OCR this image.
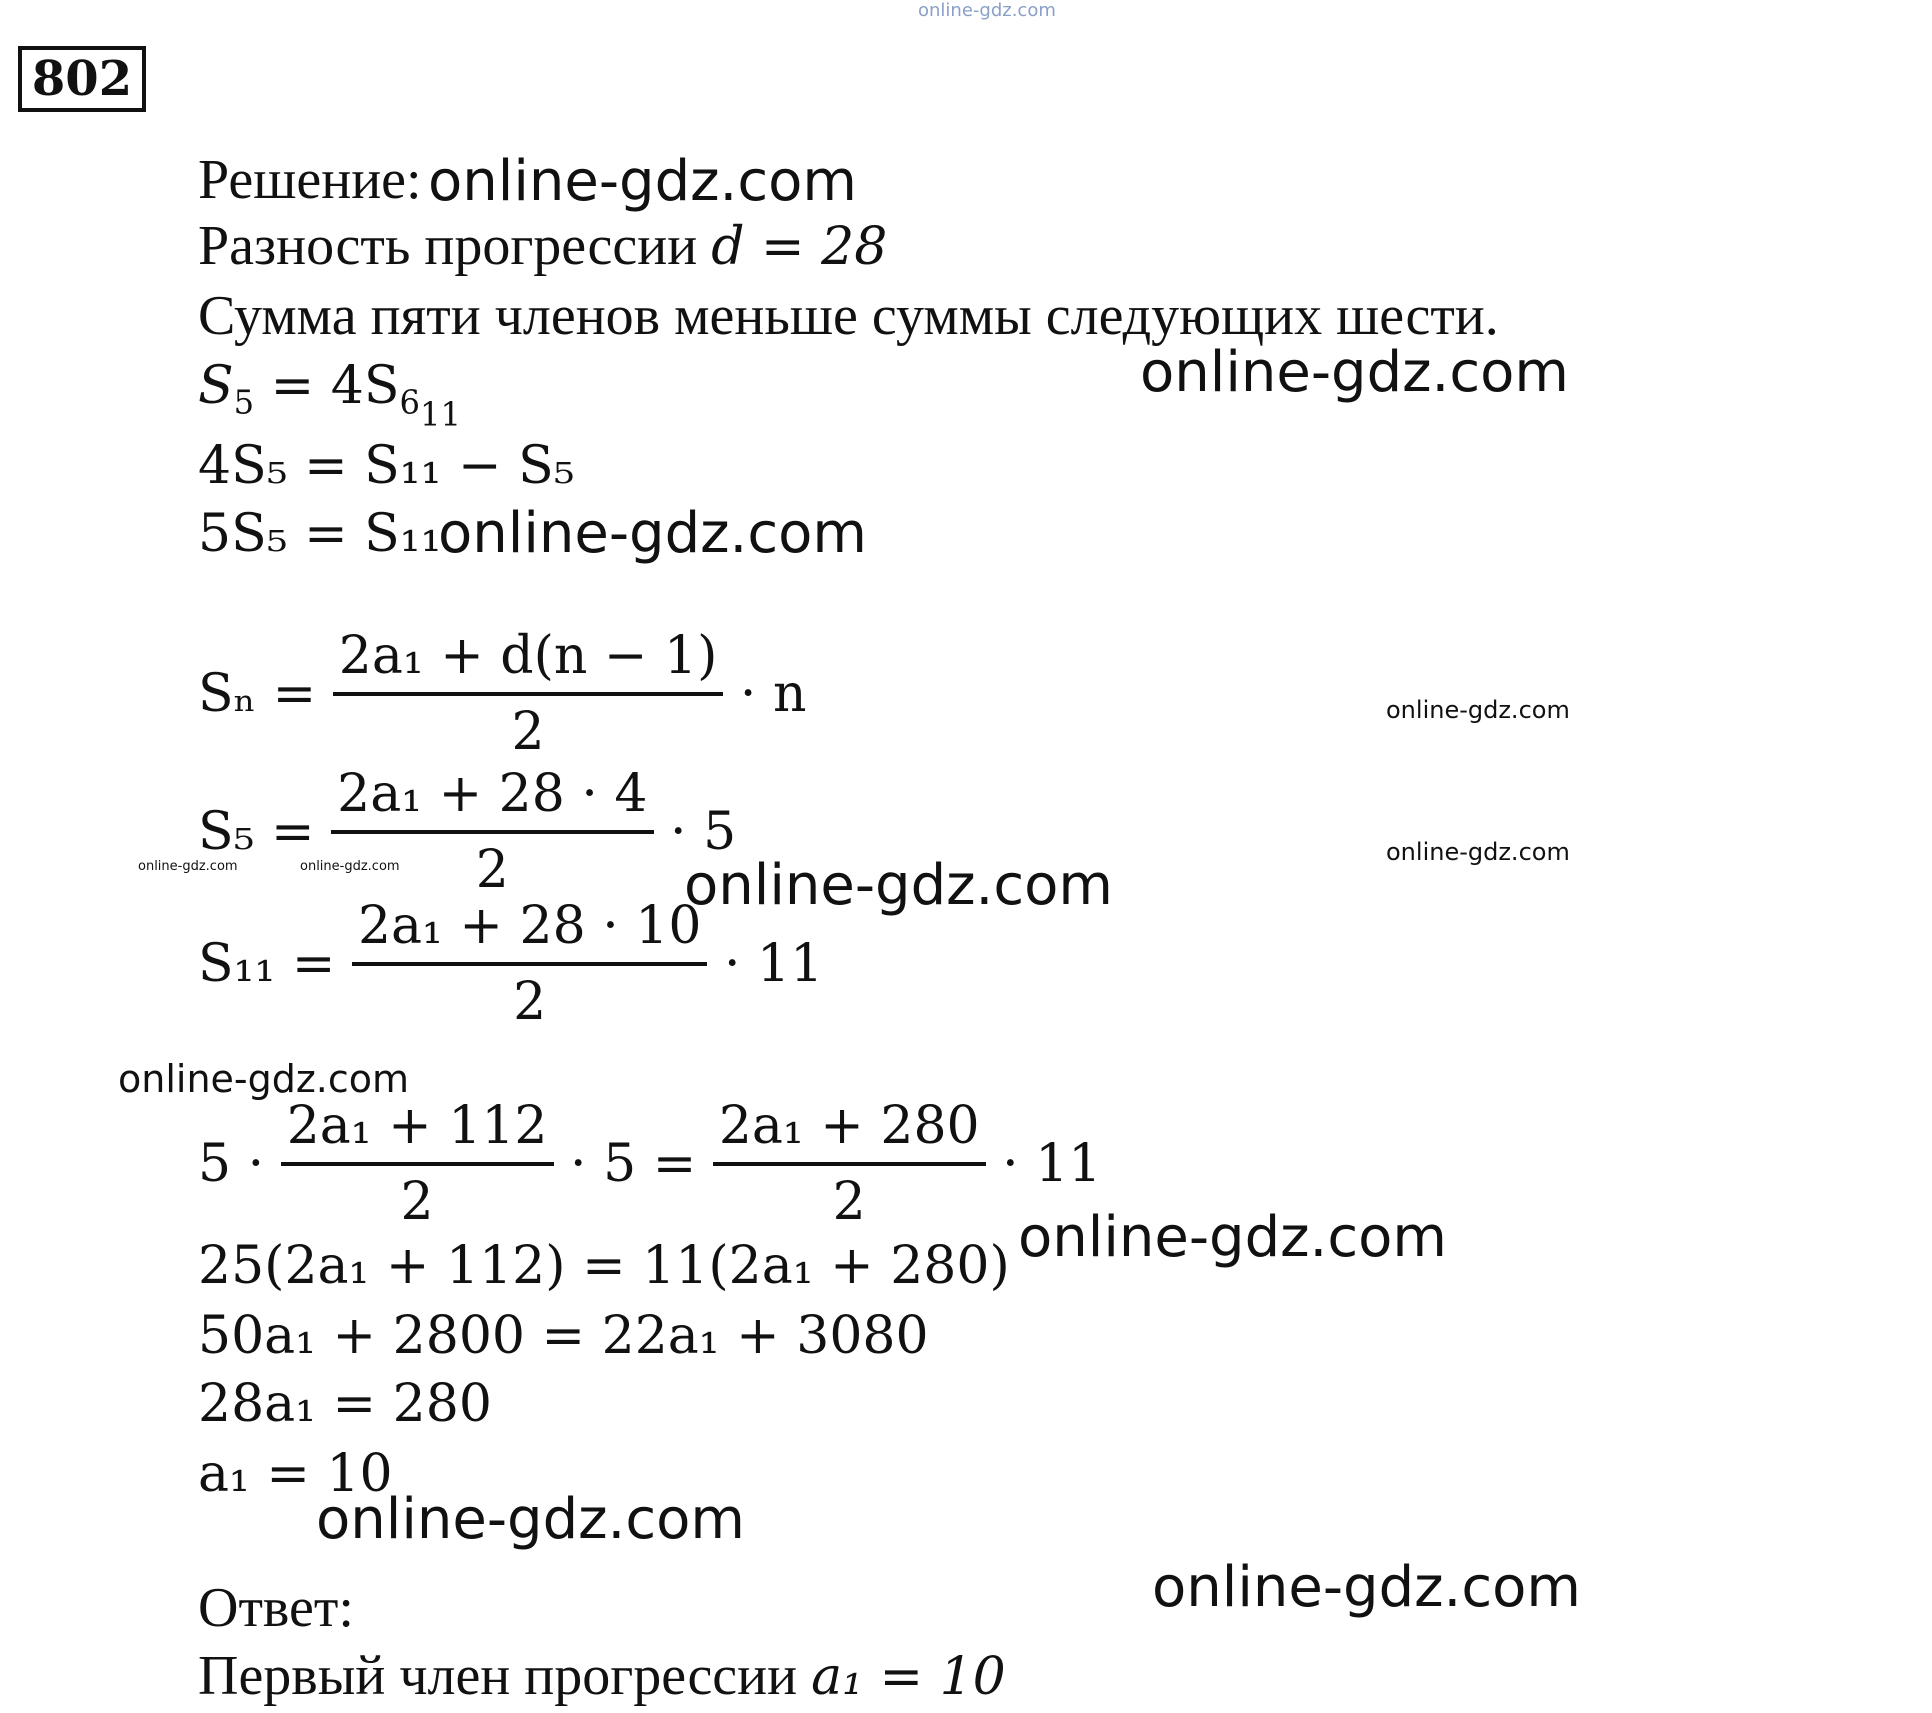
online-gdz.com
802
Решение:
Разность прогрессии d = 28
Сумма пяти членов меньше суммы следующих шести.
$S_5 = 4S_{611}$
4S₅ = S₁₁ − S₅
5S₅ = S₁₁
$S_n = \frac{\text{2a₁ + d(n − 1)}}{2} \cdot n$
$S_5 = \frac{\text{2a₁ + 28 · 4}}{2} \cdot 5$
$S_{11} = \frac{\text{2a₁ + 28 · 10}}{2} \cdot 11$
$5 \cdot \frac{\text{2a₁ + 112}}{2} \cdot 5 = \frac{\text{2a₁ + 280}}{2} \cdot 11$
25(2a₁ + 112) = 11(2a₁ + 280)
50a₁ + 2800 = 22a₁ + 3080
28a₁ = 280
a₁ = 10
Ответ:
Первый член прогрессии a₁ = 10
online-gdz.com
online-gdz.com
online-gdz.com
online-gdz.com
online-gdz.com
online-gdz.com	online-gdz.com	online-gdz.com
online-gdz.com
online-gdz.com
online-gdz.com
online-gdz.com
